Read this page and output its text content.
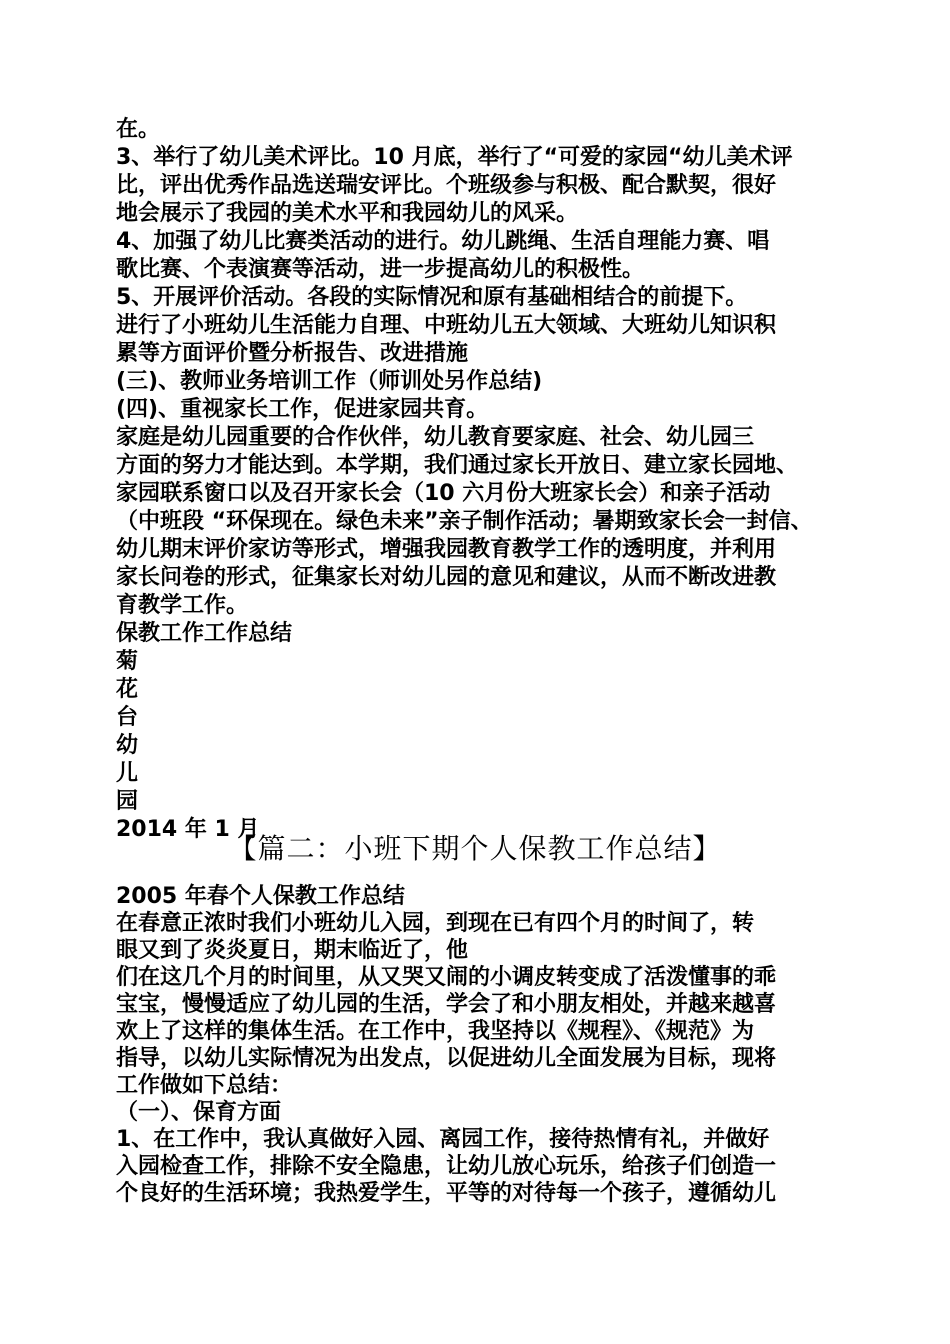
在。
3、举行了幼儿美术评比。10 月底，举行了“可爱的家园“幼儿美术评
比，评出优秀作品选送瑞安评比。个班级参与积极、配合默契，很好
地会展示了我园的美术水平和我园幼儿的风采。
4、加强了幼儿比赛类活动的进行。幼儿跳绳、生活自理能力赛、唱
歌比赛、个表演赛等活动，进一步提高幼儿的积极性。
5、开展评价活动。各段的实际情况和原有基础相结合的前提下。
进行了小班幼儿生活能力自理、中班幼儿五大领域、大班幼儿知识积
累等方面评价暨分析报告、改进措施
(三)、教师业务培训工作（师训处另作总结)
(四)、重视家长工作，促进家园共育。
家庭是幼儿园重要的合作伙伴，幼儿教育要家庭、社会、幼儿园三
方面的努力才能达到。本学期，我们通过家长开放日、建立家长园地、
家园联系窗口以及召开家长会（10 六月份大班家长会）和亲子活动
（中班段 “环保现在。绿色未来”亲子制作活动；暑期致家长会一封信、
幼儿期末评价家访等形式，增强我园教育教学工作的透明度，并利用
家长问卷的形式，征集家长对幼儿园的意见和建议，从而不断改进教
育教学工作。
保教工作工作总结
菊
花
台
幼
儿
园
2014 年 1 月
【篇二：小班下期个人保教工作总结】
2005 年春个人保教工作总结
在春意正浓时我们小班幼儿入园，到现在已有四个月的时间了，转
眼又到了炎炎夏日，期末临近了，他
们在这几个月的时间里，从又哭又闹的小调皮转变成了活泼懂事的乖
宝宝，慢慢适应了幼儿园的生活，学会了和小朋友相处，并越来越喜
欢上了这样的集体生活。在工作中，我坚持以《规程》、《规范》为
指导，以幼儿实际情况为出发点，以促进幼儿全面发展为目标，现将
工作做如下总结：
（一）、保育方面
1、在工作中，我认真做好入园、离园工作，接待热情有礼，并做好
入园检查工作，排除不安全隐患，让幼儿放心玩乐，给孩子们创造一
个良好的生活环境；我热爱学生，平等的对待每一个孩子，遵循幼儿
